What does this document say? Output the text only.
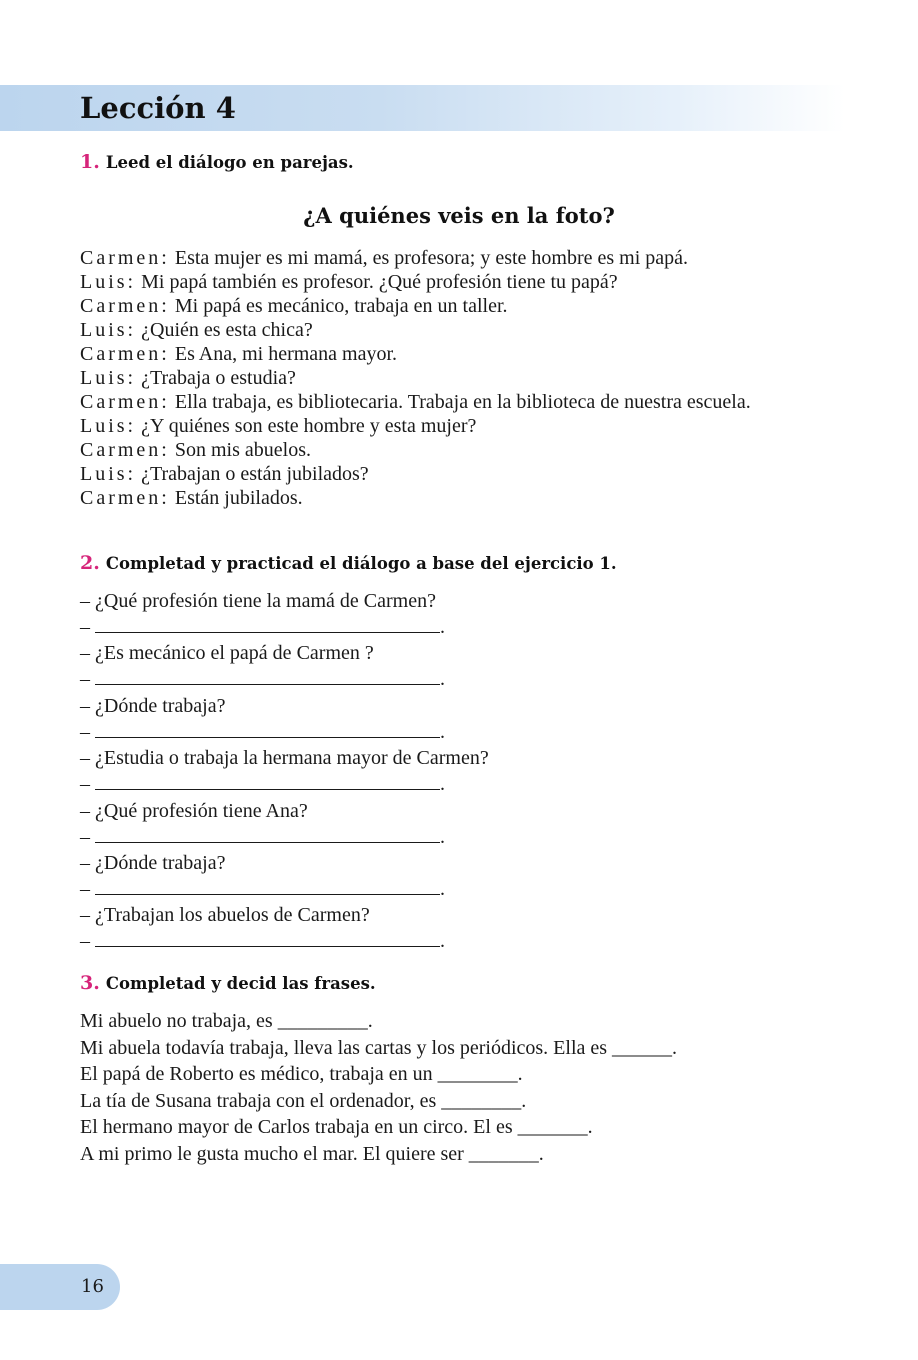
Lección 4

1. Leed el diálogo en parejas.

¿A quiénes veis en la foto?
Carmen: Esta mujer es mi mamá, es profesora; y este hombre es mi papá.
Luis: Mi papá también es profesor. ¿Qué profesión tiene tu papá?
Carmen: Mi papá es mecánico, trabaja en un taller.
Luis: ¿Quién es esta chica?
Carmen: Es Ana, mi hermana mayor.
Luis: ¿Trabaja o estudia?
Carmen: Ella trabaja, es bibliotecaria. Trabaja en la biblioteca de nuestra escuela.
Luis: ¿Y quiénes son este hombre y esta mujer?
Carmen: Son mis abuelos.
Luis: ¿Trabajan o están jubilados?
Carmen: Están jubilados.

2. Completad y practicad el diálogo a base del ejercicio 1.

– ¿Qué profesión tiene la mamá de Carmen?
–	.
– ¿Es mecánico el papá de Carmen ?
–	.
– ¿Dónde trabaja?
–	.
– ¿Estudia o trabaja la hermana mayor de Carmen?
–	.
– ¿Qué profesión tiene Ana?
–	.
– ¿Dónde trabaja?
–	.
– ¿Trabajan los abuelos de Carmen?
–	.

3. Completad y decid las frases.

Mi abuelo no trabaja, es _________.
Mi abuela todavía trabaja, lleva las cartas y los periódicos. Ella es ______.
El papá de Roberto es médico, trabaja en un ________.
La tía de Susana trabaja con el ordenador, es ________.
El hermano mayor de Carlos trabaja en un circo. El es _______.
A mi primo le gusta mucho el mar. El quiere ser _______.
16
